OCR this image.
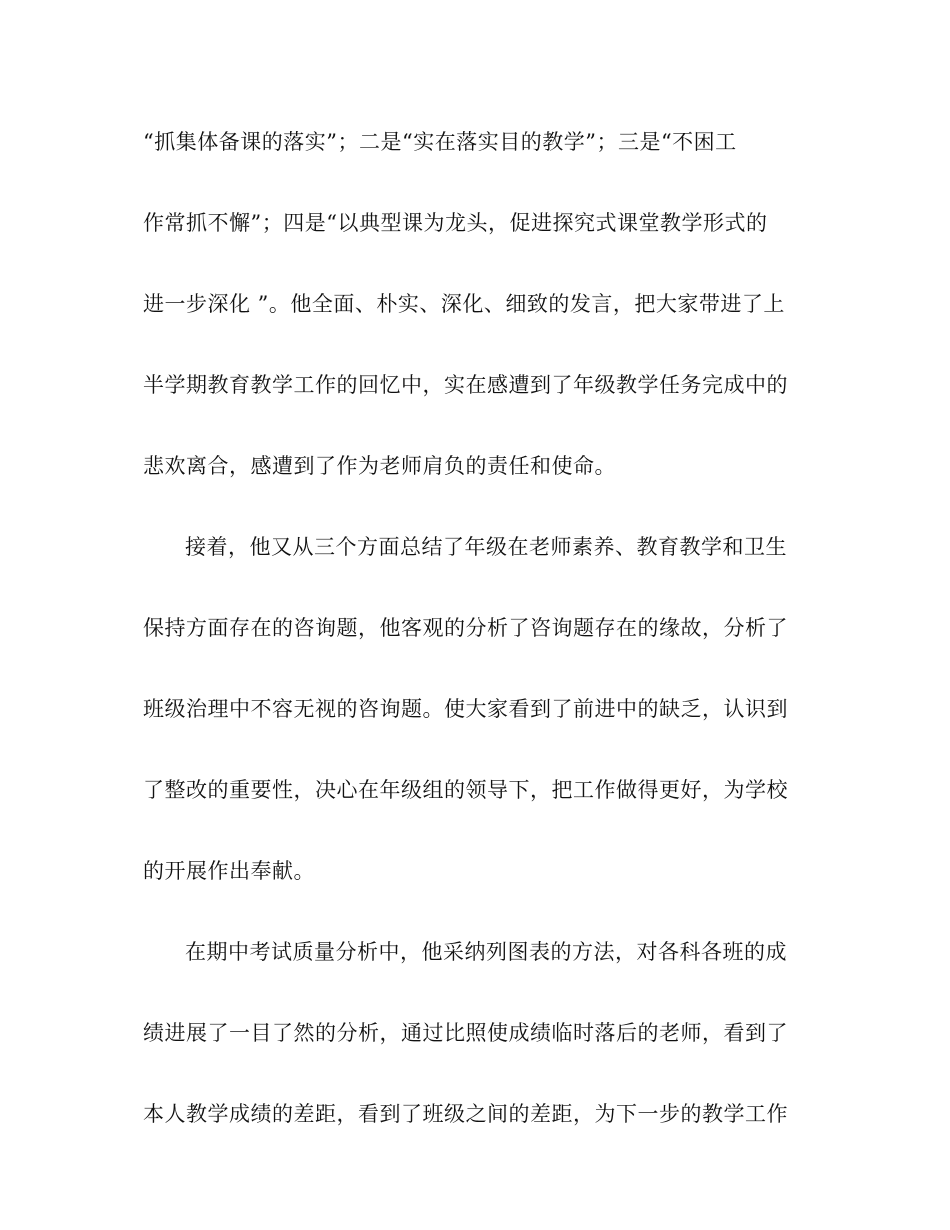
“抓集体备课的落实”；二是“实在落实目的教学”；三是“不困工
作常抓不懈”；四是“以典型课为龙头，促进探究式课堂教学形式的
进一步深化 ”。他全面、朴实、深化、细致的发言，把大家带进了上
半学期教育教学工作的回忆中，实在感遭到了年级教学任务完成中的
悲欢离合，感遭到了作为老师肩负的责任和使命。
接着，他又从三个方面总结了年级在老师素养、教育教学和卫生
保持方面存在的咨询题，他客观的分析了咨询题存在的缘故，分析了
班级治理中不容无视的咨询题。使大家看到了前进中的缺乏，认识到
了整改的重要性，决心在年级组的领导下，把工作做得更好，为学校
的开展作出奉献。
在期中考试质量分析中，他采纳列图表的方法，对各科各班的成
绩进展了一目了然的分析，通过比照使成绩临时落后的老师，看到了
本人教学成绩的差距，看到了班级之间的差距，为下一步的教学工作
